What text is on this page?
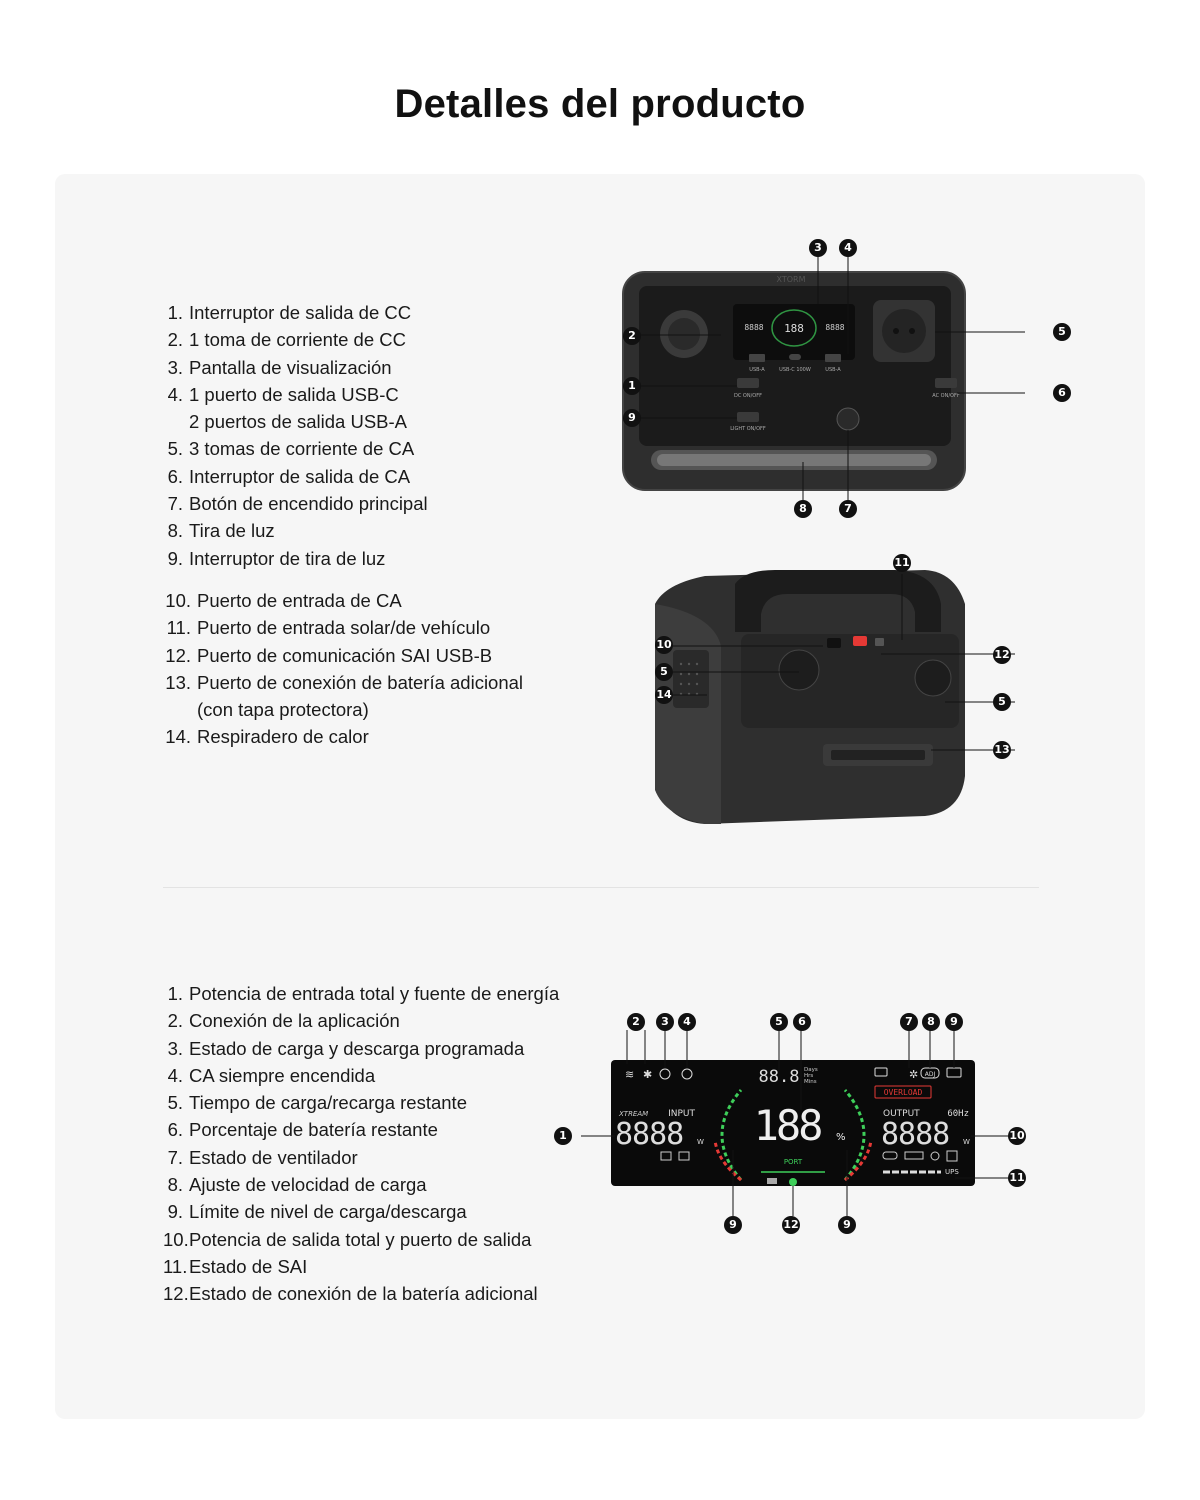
Detalles del producto
1. Interruptor de salida de CC
2. 1 toma de corriente de CC
3. Pantalla de visualización
4. 1 puerto de salida USB-C
2 puertos de salida USB-A
5. 3 tomas de corriente de CA
6. Interruptor de salida de CA
7. Botón de encendido principal
8. Tira de luz
9. Interruptor de tira de luz
10. Puerto de entrada de CA
11. Puerto de entrada solar/de vehículo
12. Puerto de comunicación SAI USB-B
13. Puerto de conexión de batería adicional
(con tapa protectora)
14. Respiradero de calor
1. Potencia de entrada total y fuente de energía
2. Conexión de la aplicación
3. Estado de carga y descarga programada
4. CA siempre encendida
5. Tiempo de carga/recarga restante
6. Porcentaje de batería restante
7. Estado de ventilador
8. Ajuste de velocidad de carga
9. Límite de nivel de carga/descarga
10.Potencia de salida total y puerto de salida
11.Estado de SAI
12.Estado de conexión de la batería adicional
XTORM
188
8888	8888
USB-A	USB-C 100W	USB-A
DC ON/OFF	AC ON/OFF
LIGHT ON/OFF
2
1
9
3	4
5
6
8	7
11
10
5
14
12
5
13
≋ ✱	88.8 Days
Hrs
Mins
✲ ADJ
OVERLOAD
XTREAM INPUT
8888 W 188 %
PORT
OUTPUT	60Hz
8888 W
UPS
2	3	4	5	6	7	8	9
1	10
11
9	12	9
